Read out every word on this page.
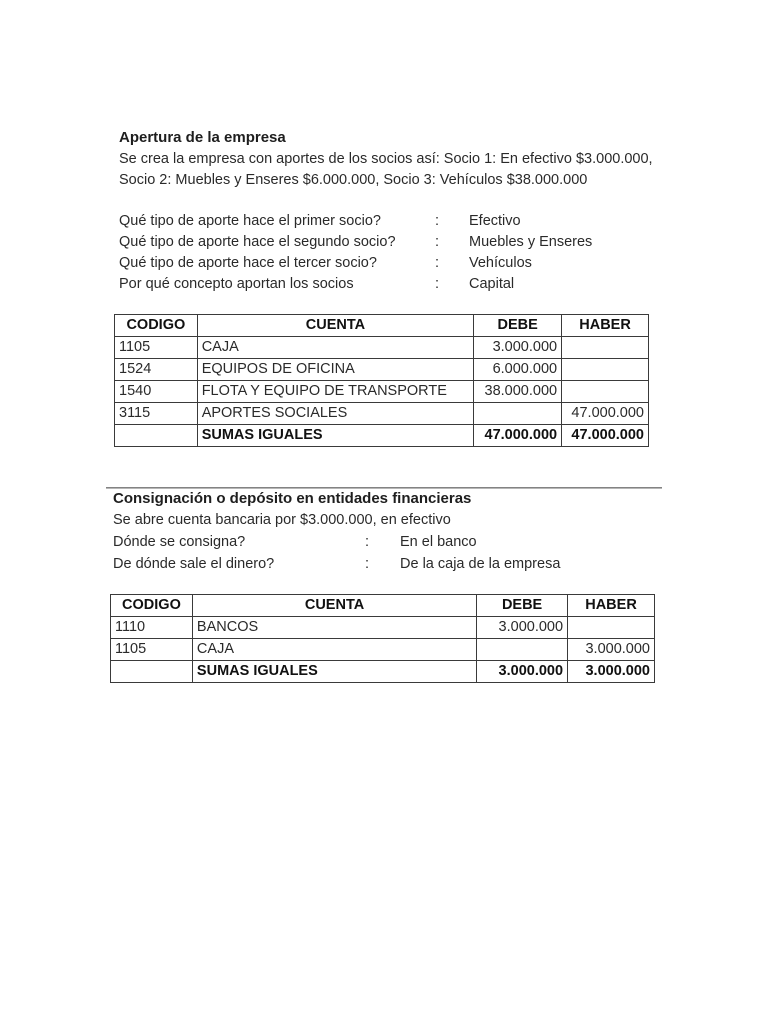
Apertura de la empresa
Se crea la empresa con aportes de los socios así: Socio 1: En efectivo $3.000.000,
Socio 2: Muebles y Enseres $6.000.000, Socio 3: Vehículos $38.000.000
Qué tipo de aporte hace el primer socio?	: Efectivo
Qué tipo de aporte hace el segundo socio?	: Muebles y Enseres
Qué tipo de aporte hace el tercer socio?	: Vehículos
Por qué concepto aportan los socios	: Capital
CODIGO	CUENTA	DEBE	HABER
1105	CAJA	3.000.000	
1524	EQUIPOS DE OFICINA	6.000.000	
1540	FLOTA Y EQUIPO DE TRANSPORTE	38.000.000	
3115	APORTES SOCIALES		47.000.000
	SUMAS IGUALES	47.000.000	47.000.000
Consignación o depósito en entidades financieras
Se abre cuenta bancaria por $3.000.000, en efectivo
Dónde se consigna?	: En el banco
De dónde sale el dinero?	: De la caja de la empresa
CODIGO	CUENTA	DEBE	HABER
1110	BANCOS	3.000.000	
1105	CAJA		3.000.000
	SUMAS IGUALES	3.000.000	3.000.000
